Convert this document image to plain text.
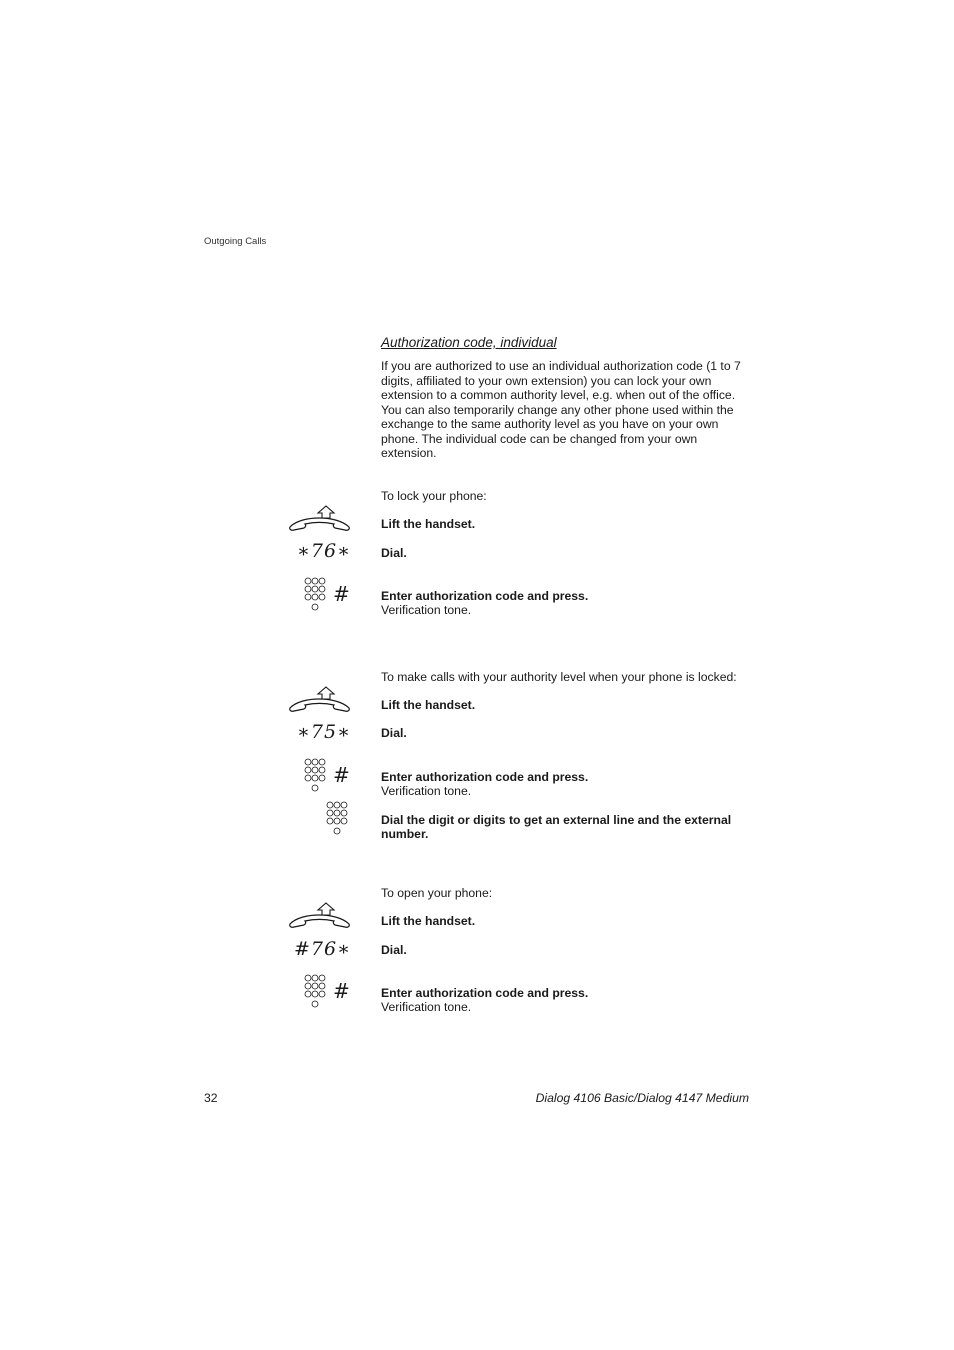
Outgoing Calls
Authorization code, individual
If you are authorized to use an individual authorization code (1 to 7 digits, affiliated to your own extension) you can lock your own extension to a common authority level, e.g. when out of the office. You can also temporarily change any other phone used within the exchange to the same authority level as you have on your own phone. The individual code can be changed from your own extension.
To lock your phone:
Lift the handset.
∗76∗ Dial.
#	Enter authorization code and press.
Verification tone.
To make calls with your authority level when your phone is locked:
Lift the handset.
∗75∗ Dial.
#	Enter authorization code and press.
Verification tone.
Dial the digit or digits to get an external line and the external number.
To open your phone:
Lift the handset.
#76∗ Dial.
#	Enter authorization code and press.
Verification tone.
32	Dialog 4106 Basic/Dialog 4147 Medium
